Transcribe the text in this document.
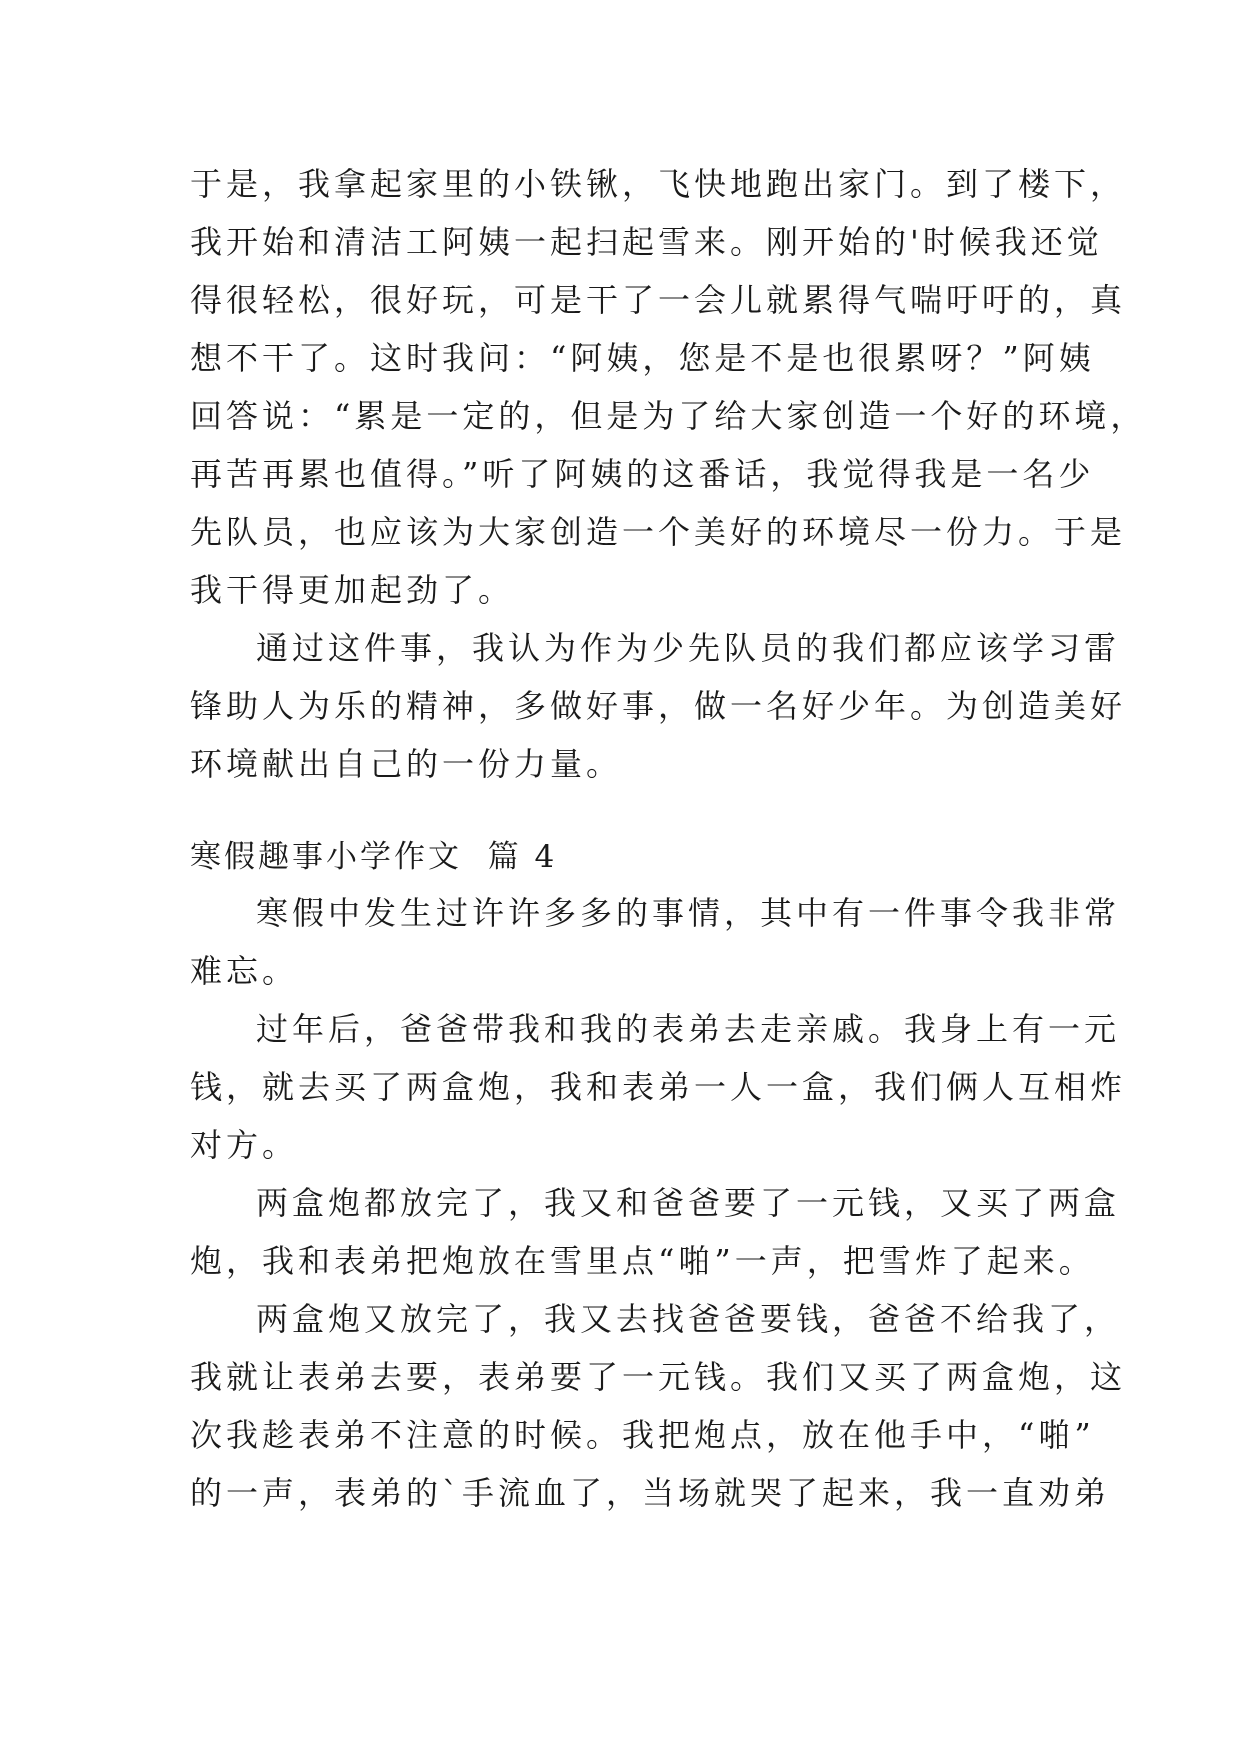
于是，我拿起家里的小铁锹，飞快地跑出家门。到了楼下，
我开始和清洁工阿姨一起扫起雪来。刚开始的'时候我还觉
得很轻松，很好玩，可是干了一会儿就累得气喘吁吁的，真
想不干了。这时我问：“阿姨，您是不是也很累呀？”阿姨
回答说：“累是一定的，但是为了给大家创造一个好的环境，
再苦再累也值得。”听了阿姨的这番话，我觉得我是一名少
先队员，也应该为大家创造一个美好的环境尽一份力。于是
我干得更加起劲了。
通过这件事，我认为作为少先队员的我们都应该学习雷
锋助人为乐的精神，多做好事，做一名好少年。为创造美好
环境献出自己的一份力量。
寒假趣事小学作文  篇 4
寒假中发生过许许多多的事情，其中有一件事令我非常
难忘。
过年后，爸爸带我和我的表弟去走亲戚。我身上有一元
钱，就去买了两盒炮，我和表弟一人一盒，我们俩人互相炸
对方。
两盒炮都放完了，我又和爸爸要了一元钱，又买了两盒
炮，我和表弟把炮放在雪里点“啪”一声，把雪炸了起来。
两盒炮又放完了，我又去找爸爸要钱，爸爸不给我了，
我就让表弟去要，表弟要了一元钱。我们又买了两盒炮，这
次我趁表弟不注意的时候。我把炮点，放在他手中，“啪”
的一声，表弟的`手流血了，当场就哭了起来，我一直劝弟
